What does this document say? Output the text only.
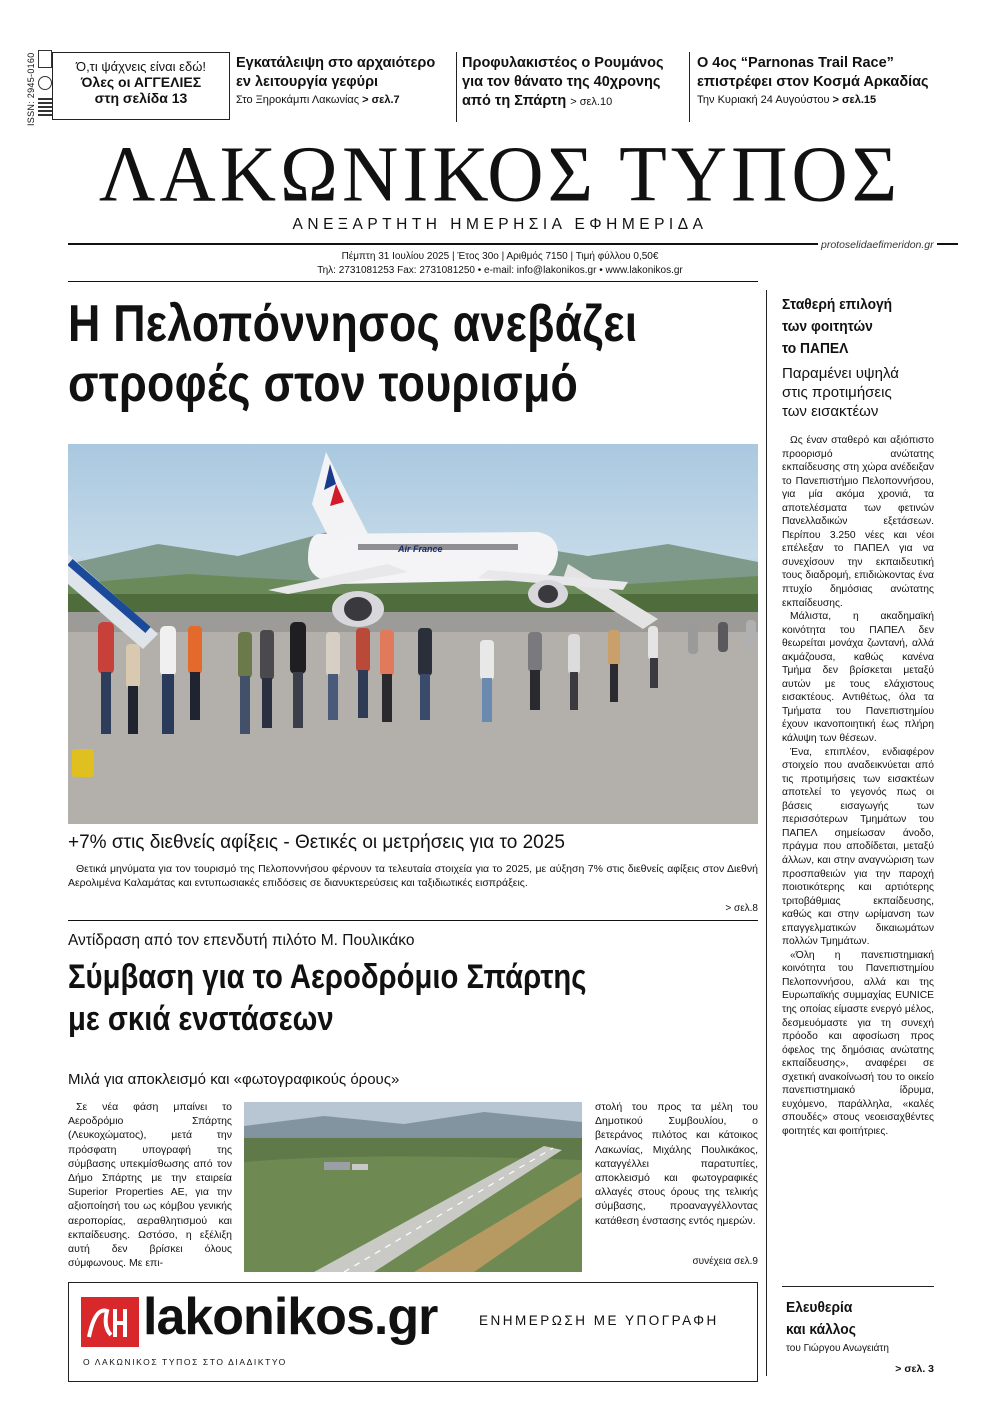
ISSN: 2945-0160	Ό,τι ψάχνεις είναι εδώ!
Όλες οι ΑΓΓΕΛΙΕΣ
στη σελίδα 13
Εγκατάλειψη στο αρχαιότερο
εν λειτουργία γεφύρι
Στο Ξηροκάμπι Λακωνίας > σελ.7
Προφυλακιστέος ο Ρουμάνος
για τον θάνατο της 40χρονης
από τη Σπάρτη > σελ.10
Ο 4ος “Parnonas Trail Race”
επιστρέφει στον Κοσμά Αρκαδίας
Την Κυριακή 24 Αυγούστου > σελ.15
ΛΑΚΩΝΙΚΟΣ ΤΥΠΟΣ
ΑΝΕΞΑΡΤΗΤΗ ΗΜΕΡΗΣΙΑ ΕΦΗΜΕΡΙΔΑ
protoselidaefimeridon.gr
Πέμπτη 31 Ιουλίου 2025 | Έτος 30ο | Αριθμός 7150 | Τιμή φύλλου 0,50€
Τηλ: 2731081253 Fax: 2731081250 • e-mail: info@lakonikos.gr • www.lakonikos.gr
Η Πελοπόννησος ανεβάζει
στροφές στον τουρισμό
Air France
+7% στις διεθνείς αφίξεις - Θετικές οι μετρήσεις για το 2025
Θετικά μηνύματα για τον τουρισμό της Πελοποννήσου φέρνουν τα τελευταία στοιχεία για το 2025, με αύξηση 7% στις διεθνείς αφίξεις στον Διεθνή Αερολιμένα Καλαμάτας και εντυπωσιακές επιδόσεις σε διανυκτερεύσεις και ταξιδιωτικές εισπράξεις.
> σελ.8
Αντίδραση από τον επενδυτή πιλότο Μ. Πουλικάκο
Σύμβαση για το Αεροδρόμιο Σπάρτης
με σκιά ενστάσεων
Μιλά για αποκλεισμό και «φωτογραφικούς όρους»
Σε νέα φάση μπαίνει το Αεροδρόμιο Σπάρτης (Λευκοχώματος), μετά την πρόσφατη υπογραφή της σύμβασης υπεκμίσθωσης από τον Δήμο Σπάρτης με την εταιρεία Superior Properties AE, για την αξιοποίησή του ως κόμβου γενικής αεροπορίας, αεραθλητισμού και εκπαίδευσης. Ωστόσο, η εξέλιξη αυτή δεν βρίσκει όλους σύμφωνους. Με επι-
στολή του προς τα μέλη του Δημοτικού Συμβουλίου, ο βετεράνος πιλότος και κάτοικος Λακωνίας, Μιχάλης Πουλικάκος, καταγγέλλει παρατυπίες, αποκλεισμό και φωτογραφικές αλλαγές στους όρους της τελικής σύμβασης, προαναγγέλλοντας κατάθεση ένστασης εντός ημερών.
συνέχεια σελ.9
lakonikos.gr
Ο ΛΑΚΩΝΙΚΟΣ ΤΥΠΟΣ ΣΤΟ ΔΙΑΔΙΚΤΥΟ
ΕΝΗΜΕΡΩΣΗ ΜΕ ΥΠΟΓΡΑΦΗ
Σταθερή επιλογή
των φοιτητών
το ΠΑΠΕΛ
Παραμένει υψηλά
στις προτιμήσεις
των εισακτέων

Ως έναν σταθερό και αξιόπιστο προορισμό ανώτατης εκπαίδευσης στη χώρα ανέδειξαν το Πανεπιστήμιο Πελοποννήσου, για μία ακόμα χρονιά, τα αποτελέσματα των φετινών Πανελλαδικών εξετάσεων. Περίπου 3.250 νέες και νέοι επέλεξαν το ΠΑΠΕΛ για να συνεχίσουν την εκπαιδευτική τους διαδρομή, επιδιώκοντας ένα πτυχίο δημόσιας ανώτατης εκπαίδευσης.

Μάλιστα, η ακαδημαϊκή κοινότητα του ΠΑΠΕΛ δεν θεωρείται μονάχα ζωντανή, αλλά ακμάζουσα, καθώς κανένα Τμήμα δεν βρίσκεται μεταξύ αυτών με τους ελάχιστους εισακτέους. Αντιθέτως, όλα τα Τμήματα του Πανεπιστημίου έχουν ικανοποιητική έως πλήρη κάλυψη των θέσεων.

Ένα, επιπλέον, ενδιαφέρον στοιχείο που αναδεικνύεται από τις προτιμήσεις των εισακτέων αποτελεί το γεγονός πως οι βάσεις εισαγωγής των περισσότερων Τμημάτων του ΠΑΠΕΛ σημείωσαν άνοδο, πράγμα που αποδίδεται, μεταξύ άλλων, και στην αναγνώριση των προσπαθειών για την παροχή ποιοτικότερης και αρτιότερης τριτοβάθμιας εκπαίδευσης, καθώς και στην ωρίμανση των επαγγελματικών δικαιωμάτων πολλών Τμημάτων.

«Όλη η πανεπιστημιακή κοινότητα του Πανεπιστημίου Πελοποννήσου, αλλά και της Ευρωπαϊκής συμμαχίας EUNICE της οποίας είμαστε ενεργό μέλος, δεσμευόμαστε για τη συνεχή πρόοδο και αφοσίωση προς όφελος της δημόσιας ανώτατης εκπαίδευσης», αναφέρει σε σχετική ανακοίνωσή του το οικείο πανεπιστημιακό ίδρυμα, ευχόμενο, παράλληλα, «καλές σπουδές» στους νεοεισαχθέντες φοιτητές και φοιτήτριες.

Ελευθερία
και κάλλος
του Γιώργου Ανωγειάτη
> σελ. 3
